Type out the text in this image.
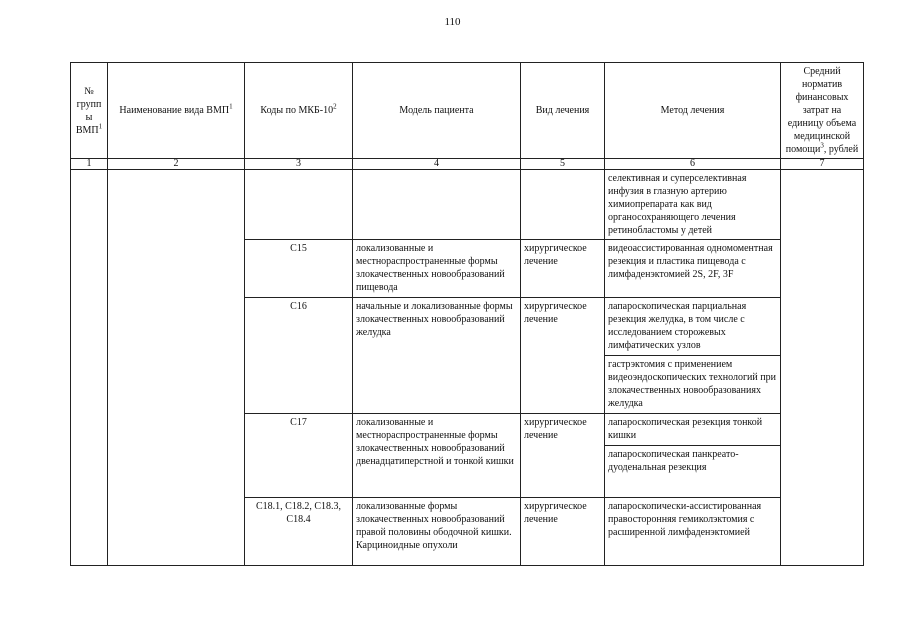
110
№ групп ы ВМП$^1$	Наименование вида ВМП$^1$	Коды по МКБ-$10^2$	Модель пациента	Вид лечения	Метод лечения	Средний норматив финансовых затрат на единицу объема медицинской помощи$^3$, рублей
1	2	3	4	5	6	7
					селективная и суперселективная инфузия в глазную артерию химиопрепарата как вид органосохраняющего лечения ретинобластомы у детей	
		C15	локализованные и местнораспространенные формы злокачественных новообразований пищевода	хирургическое лечение	видеоассистированная одномоментная резекция и пластика пищевода с лимфаденэктомией 2S, 2F, 3F	
		C16	начальные и локализованные формы злокачественных новообразований желудка	хирургическое лечение	лапароскопическая парциальная резекция желудка, в том числе с исследованием сторожевых лимфатических узлов	
					гастрэктомия с применением видеоэндоскопических технологий при злокачественных новообразованиях желудка	
		C17	локализованные и местнораспространенные формы злокачественных новообразований двенадцатиперстной и тонкой кишки	хирургическое лечение	лапароскопическая резекция тонкой кишки	
					лапароскопическая панкреато-дуоденальная резекция	
		C18.1, C18.2, C18.3, C18.4	локализованные формы злокачественных новообразований правой половины ободочной кишки. Карциноидные опухоли	хирургическое лечение	лапароскопически-ассистированная правосторонняя гемиколэктомия с расширенной лимфаденэктомией	
